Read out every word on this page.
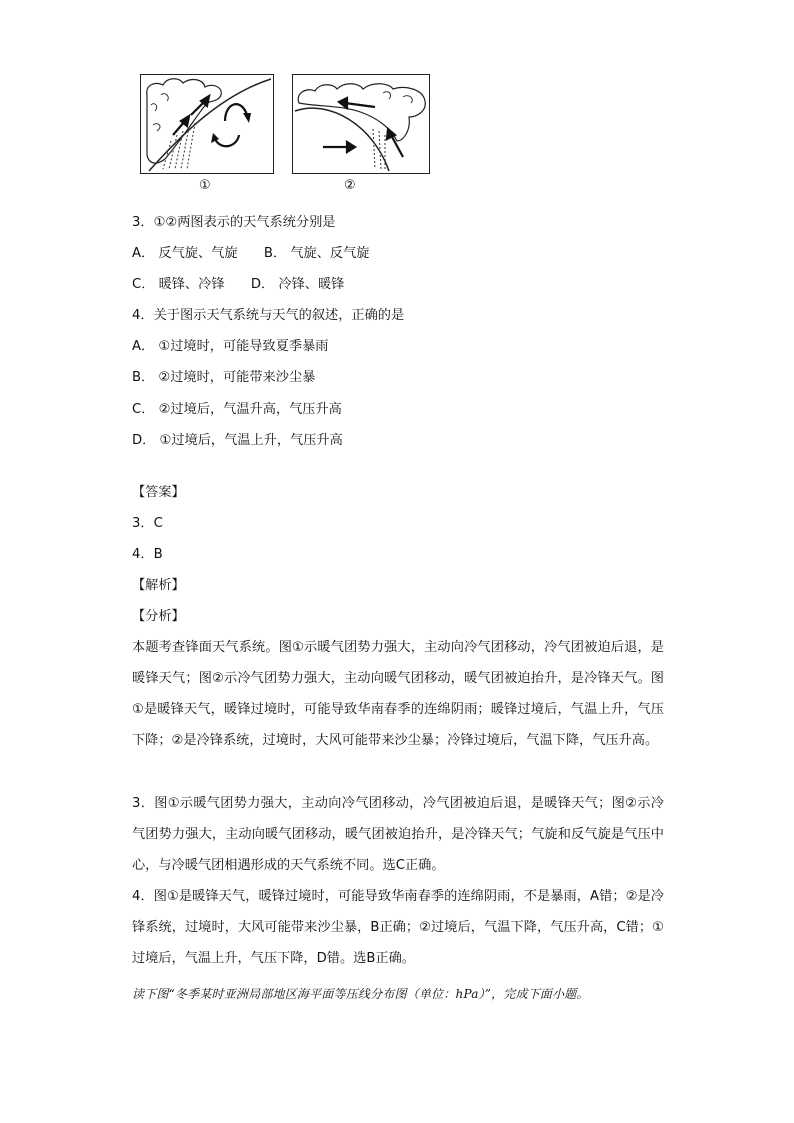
①	②
3．①②两图表示的天气系统分别是
A． 反气旋、气旋　　B． 气旋、反气旋
C． 暖锋、冷锋　　D． 冷锋、暖锋
4．关于图示天气系统与天气的叙述，正确的是
A． ①过境时，可能导致夏季暴雨
B． ②过境时，可能带来沙尘暴
C． ②过境后，气温升高，气压升高
D． ①过境后，气温上升，气压升高
【答案】
3．C
4．B
【解析】
【分析】
本题考查锋面天气系统。图①示暖气团势力强大，主动向冷气团移动，冷气团被迫后退，是暖锋天气；图②示冷气团势力强大，主动向暖气团移动，暖气团被迫抬升，是冷锋天气。图①是暖锋天气，暖锋过境时，可能导致华南春季的连绵阴雨；暖锋过境后，气温上升，气压下降；②是冷锋系统，过境时，大风可能带来沙尘暴；冷锋过境后，气温下降，气压升高。
3．图①示暖气团势力强大，主动向冷气团移动，冷气团被迫后退，是暖锋天气；图②示冷气团势力强大，主动向暖气团移动，暖气团被迫抬升，是冷锋天气；气旋和反气旋是气压中心，与冷暖气团相遇形成的天气系统不同。选C正确。
4．图①是暖锋天气，暖锋过境时，可能导致华南春季的连绵阴雨，不是暴雨，A错；②是冷锋系统，过境时，大风可能带来沙尘暴，B正确；②过境后，气温下降，气压升高，C错；①过境后，气温上升，气压下降，D错。选B正确。
读下图“冬季某时亚洲局部地区海平面等压线分布图（单位：hPa）”，完成下面小题。
